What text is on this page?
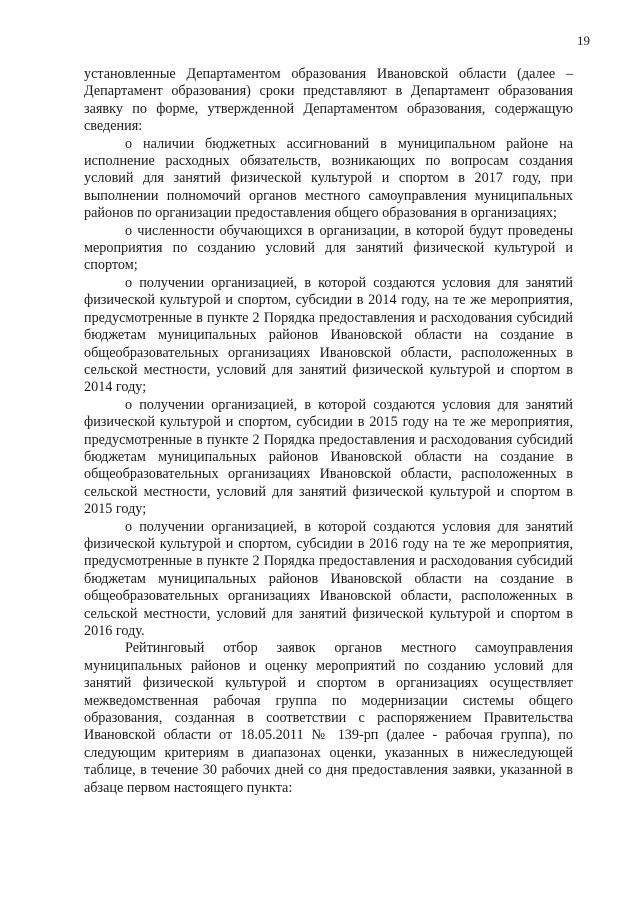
19

установленные Департаментом образования Ивановской области (далее – Департамент образования) сроки представляют в Департамент образования заявку по форме, утвержденной Департаментом образования, содержащую сведения:

о наличии бюджетных ассигнований в муниципальном районе на исполнение расходных обязательств, возникающих по вопросам создания условий для занятий физической культурой и спортом в 2017 году, при выполнении полномочий органов местного самоуправления муниципальных районов по организации предоставления общего образования в организациях;

о численности обучающихся в организации, в которой будут проведены мероприятия по созданию условий для занятий физической культурой и спортом;

о получении организацией, в которой создаются условия для занятий физической культурой и спортом, субсидии в 2014 году, на те же мероприятия, предусмотренные в пункте 2 Порядка предоставления и расходования субсидий бюджетам муниципальных районов Ивановской области на создание в общеобразовательных организациях Ивановской области, расположенных в сельской местности, условий для занятий физической культурой и спортом в 2014 году;

о получении организацией, в которой создаются условия для занятий физической культурой и спортом, субсидии в 2015 году на те же мероприятия, предусмотренные в пункте 2 Порядка предоставления и расходования субсидий бюджетам муниципальных районов Ивановской области на создание в общеобразовательных организациях Ивановской области, расположенных в сельской местности, условий для занятий физической культурой и спортом в 2015 году;

о получении организацией, в которой создаются условия для занятий физической культурой и спортом, субсидии в 2016 году на те же мероприятия, предусмотренные в пункте 2 Порядка предоставления и расходования субсидий бюджетам муниципальных районов Ивановской области на создание в общеобразовательных организациях Ивановской области, расположенных в сельской местности, условий для занятий физической культурой и спортом в 2016 году.

Рейтинговый отбор заявок органов местного самоуправления муниципальных районов и оценку мероприятий по созданию условий для занятий физической культурой и спортом в организациях осуществляет межведомственная рабочая группа по модернизации системы общего образования, созданная в соответствии с распоряжением Правительства Ивановской области от 18.05.2011 № 139-рп (далее - рабочая группа), по следующим критериям в диапазонах оценки, указанных в нижеследующей таблице, в течение 30 рабочих дней со дня предоставления заявки, указанной в абзаце первом настоящего пункта:
